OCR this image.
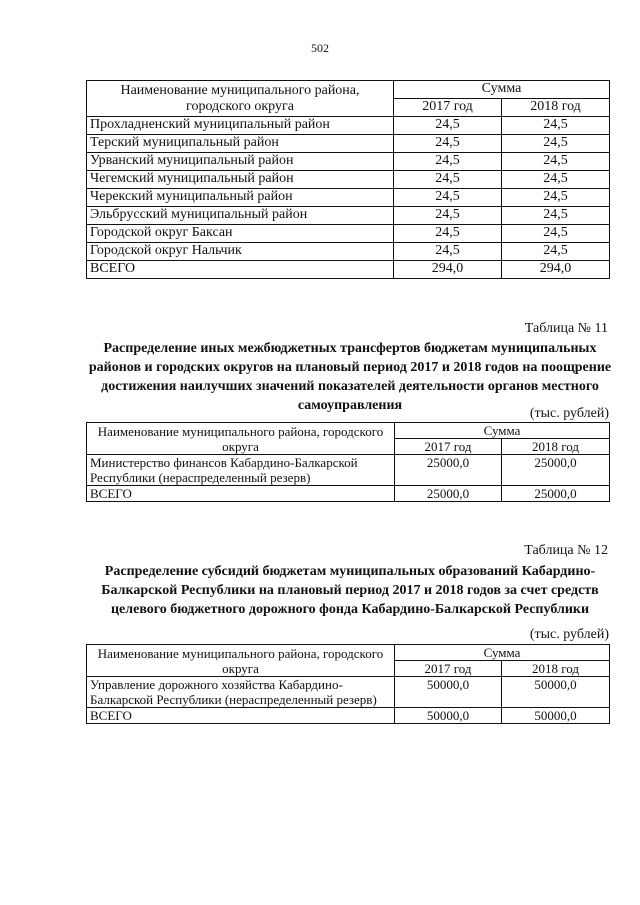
502
Наименование муниципального района, городского округа	Сумма	
	2017 год	2018 год
Прохладненский муниципальный район	24,5	24,5
Терский муниципальный район	24,5	24,5
Урванский муниципальный район	24,5	24,5
Чегемский муниципальный район	24,5	24,5
Черекский муниципальный район	24,5	24,5
Эльбрусский муниципальный район	24,5	24,5
Городской округ Баксан	24,5	24,5
Городской округ Нальчик	24,5	24,5
ВСЕГО	294,0	294,0
Таблица № 11
Распределение иных межбюджетных трансфертов бюджетам муниципальных районов и городских округов на плановый период 2017 и 2018 годов на поощрение достижения наилучших значений показателей деятельности органов местного самоуправления
(тыс. рублей)
Наименование муниципального района, городского округа	Сумма	
	2017 год	2018 год
Министерство финансов Кабардино-Балкарской Республики (нераспределенный резерв)	25000,0	25000,0
ВСЕГО	25000,0	25000,0
Таблица № 12
Распределение субсидий бюджетам муниципальных образований Кабардино-Балкарской Республики на плановый период 2017 и 2018 годов за счет средств целевого бюджетного дорожного фонда Кабардино-Балкарской Республики
(тыс. рублей)
Наименование муниципального района, городского округа	Сумма	
	2017 год	2018 год
Управление дорожного хозяйства Кабардино-Балкарской Республики (нераспределенный резерв)	50000,0	50000,0
ВСЕГО	50000,0	50000,0
